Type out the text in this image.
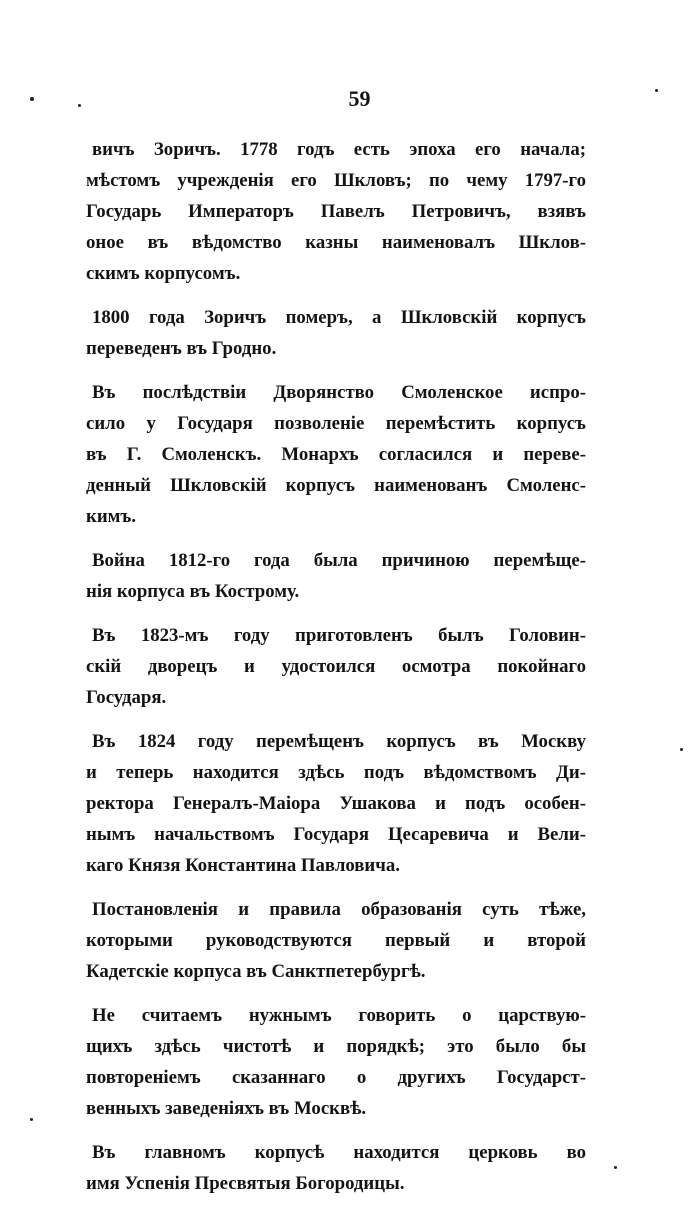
59

вичъ Зоричъ. 1778 годъ есть эпоха его начала;
мѣстомъ учрежденія его Шкловъ; по чему 1797-го
Государь Императоръ Павелъ Петровичъ, взявъ
оное въ вѣдомство казны наименовалъ Шклов-
скимъ корпусомъ.

1800 года Зоричъ померъ, а Шкловскій корпусъ
переведенъ въ Гродно.

Въ послѣдствіи Дворянство Смоленское испро-
сило у Государя позволеніе перемѣстить корпусъ
въ Г. Смоленскъ. Монархъ согласился и переве-
денный Шкловскій корпусъ наименованъ Смоленс-
кимъ.

Война 1812-го года была причиною перемѣще-
нія корпуса въ Кострому.

Въ 1823-мъ году приготовленъ былъ Головин-
скій дворецъ и удостоился осмотра покойнаго
Государя.

Въ 1824 году перемѣщенъ корпусъ въ Москву
и теперь находится здѣсь подъ вѣдомствомъ Ди-
ректора Генералъ-Маіора Ушакова и подъ особен-
нымъ начальствомъ Государя Цесаревича и Вели-
каго Князя Константина Павловича.

Постановленія и правила образованія суть тѣже,
которыми руководствуются первый и второй
Кадетскіе корпуса въ Санктпетербургѣ.

Не считаемъ нужнымъ говорить о царствую-
щихъ здѣсь чистотѣ и порядкѣ; это было бы
повтореніемъ сказаннаго о другихъ Государст-
венныхъ заведеніяхъ въ Москвѣ.

Въ главномъ корпусѣ находится церковь во
имя Успенія Пресвятыя Богородицы.
